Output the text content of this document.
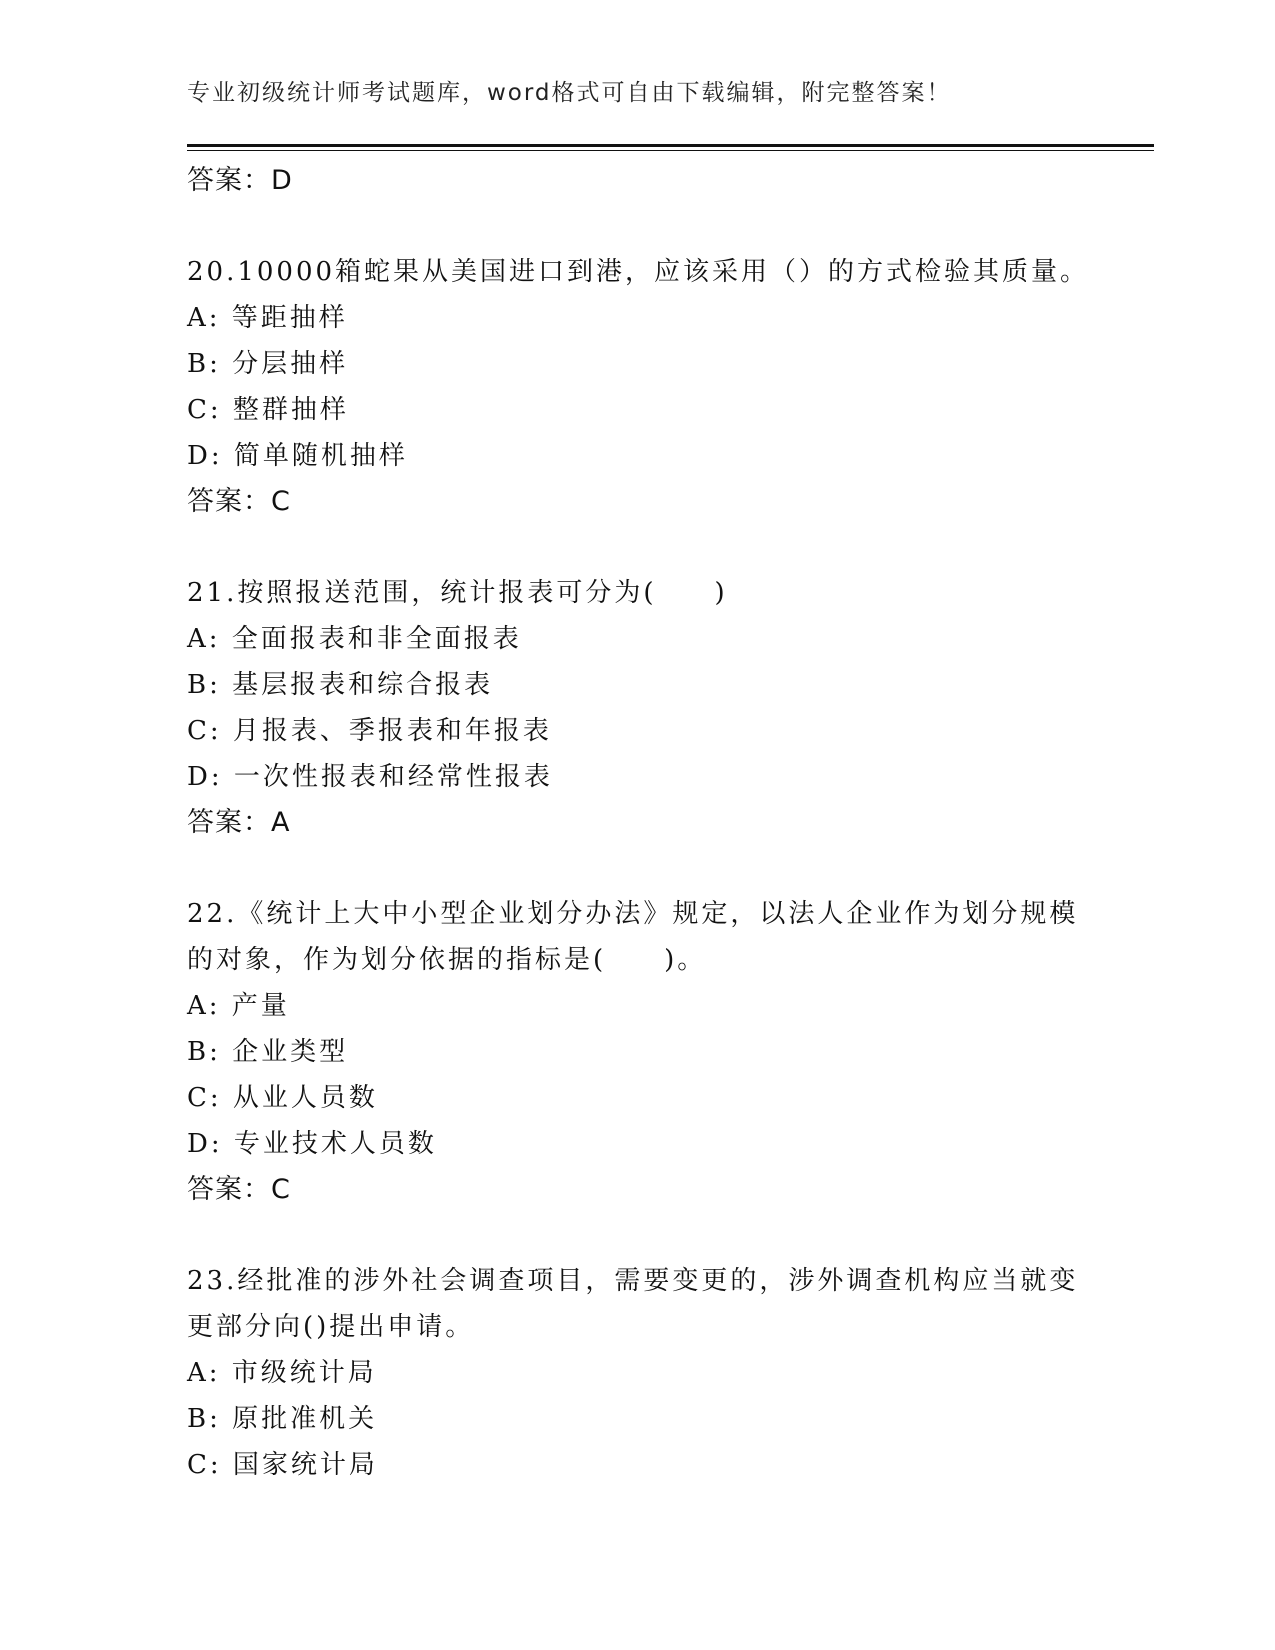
专业初级统计师考试题库，word格式可自由下载编辑，附完整答案！
答案：D
20.10000箱蛇果从美国进口到港，应该采用（）的方式检验其质量。
A: 等距抽样
B: 分层抽样
C: 整群抽样
D: 简单随机抽样
答案：C
21.按照报送范围，统计报表可分为(　　)
A: 全面报表和非全面报表
B: 基层报表和综合报表
C: 月报表、季报表和年报表
D: 一次性报表和经常性报表
答案：A
22.《统计上大中小型企业划分办法》规定，以法人企业作为划分规模
的对象，作为划分依据的指标是(　　)。
A: 产量
B: 企业类型
C: 从业人员数
D: 专业技术人员数
答案：C
23.经批准的涉外社会调查项目，需要变更的，涉外调查机构应当就变
更部分向()提出申请。
A: 市级统计局
B: 原批准机关
C: 国家统计局
